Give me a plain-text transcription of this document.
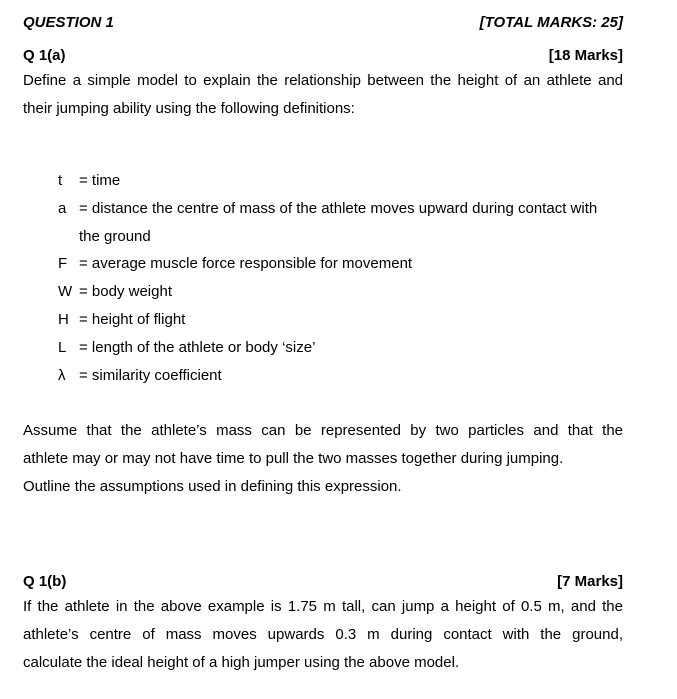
QUESTION 1	[TOTAL MARKS: 25]
Q 1(a)	[18 Marks]
Define a simple model to explain the relationship between the height of an athlete and
their jumping ability using the following definitions:
t	= time
a = distance the centre of mass of the athlete moves upward during contact with
the ground
F = average muscle force responsible for movement
W = body weight
H = height of flight
L = length of the athlete or body ‘size’
λ = similarity coefficient
Assume that the athlete’s mass can be represented by two particles and that the
athlete may or may not have time to pull the two masses together during jumping.
Outline the assumptions used in defining this expression.
Q 1(b)	[7 Marks]
If the athlete in the above example is 1.75 m tall, can jump a height of 0.5 m, and the
athlete’s centre of mass moves upwards 0.3 m during contact with the ground,
calculate the ideal height of a high jumper using the above model.
